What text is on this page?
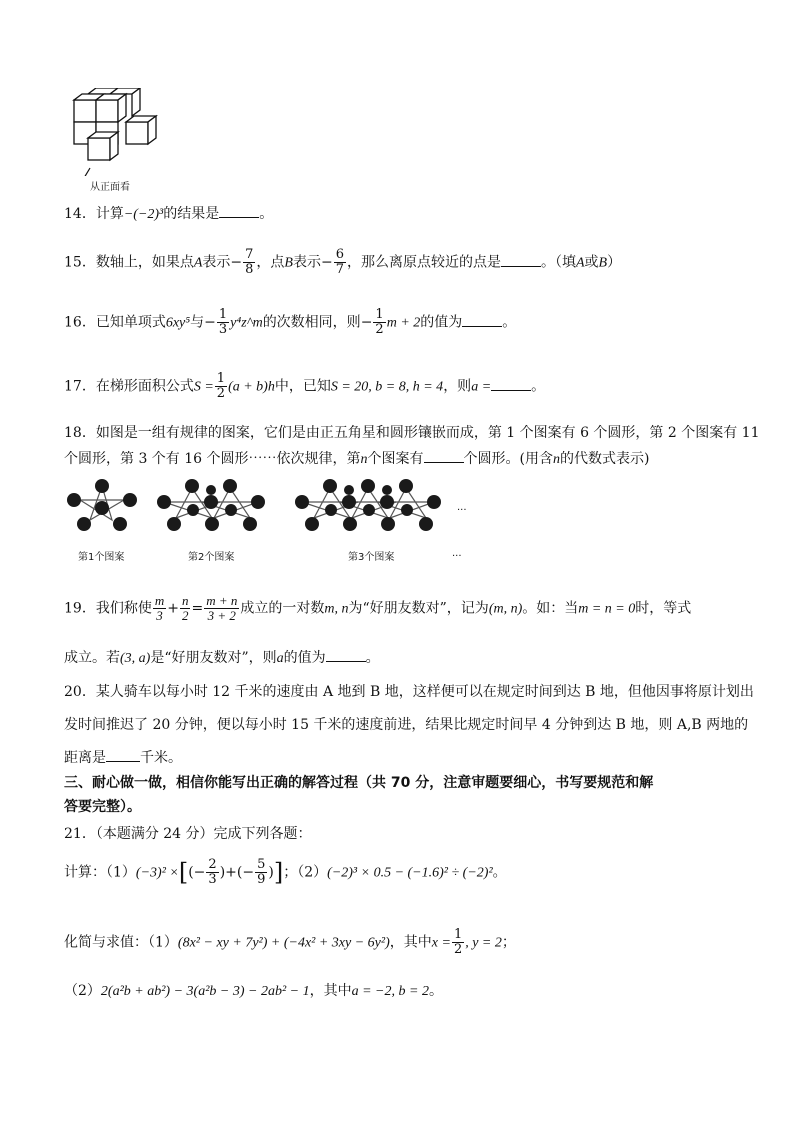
从正面看
14．计算−(−2)³的结果是	。
15．数轴上，如果点A表示− $\frac{7}{8}$ ，点B表示− $\frac{6}{7}$ ，那么离原点较近的点是	。（填A或B）
16．已知单项式6xy⁵与− $\frac{1}{3}$ y⁴z^m的次数相同，则− $\frac{1}{2}$ m + 2的值为	。
17．在梯形面积公式$S = \frac{1}{2} (a + b)h$中，已知S = 20, b = 8, h = 4，则a =	。
18．如图是一组有规律的图案，它们是由正五角星和圆形镶嵌而成，第 1 个图案有 6 个圆形，第 2 个图案有 11
个圆形，第 3 个有 16 个圆形⋯⋯依次规律，第n个图案有	个圆形。(用含n的代数式表示)
第1个图案	第2个图案	第3个图案
...
...
19．我们称使 $\frac{m}{3} + \frac{n}{2} = \frac{m + n}{3 + 2}$ 成立的一对数m, n为“好朋友数对”，记为(m, n)。如：当m = n = 0时，等式
成立。若(3, a)是“好朋友数对”，则a的值为	。
20．某人骑车以每小时 12 千米的速度由 A 地到 B 地，这样便可以在规定时间到达 B 地，但他因事将原计划出
发时间推迟了 20 分钟，便以每小时 15 千米的速度前进，结果比规定时间早 4 分钟到达 B 地，则 A,B 两地的
距离是 千米。
三、耐心做一做，相信你能写出正确的解答过程（共 70 分，注意审题要细心，书写要规范和解
答要完整）。
21．（本题满分 24 分）完成下列各题：
计算：（1）(−3)² ×[(− $\frac{2}{3}$ )+(− $\frac{5}{9}$ )]；（2）(−2)³ × 0.5 − (−1.6)² ÷ (−2)²。
化简与求值：（1）(8x² − xy + 7y²) + (−4x² + 3xy − 6y²)，其中$x = \frac{1}{2}$ , y = 2；
（2）2(a²b + ab²) − 3(a²b − 3) − 2ab² − 1，其中a = −2, b = 2。
